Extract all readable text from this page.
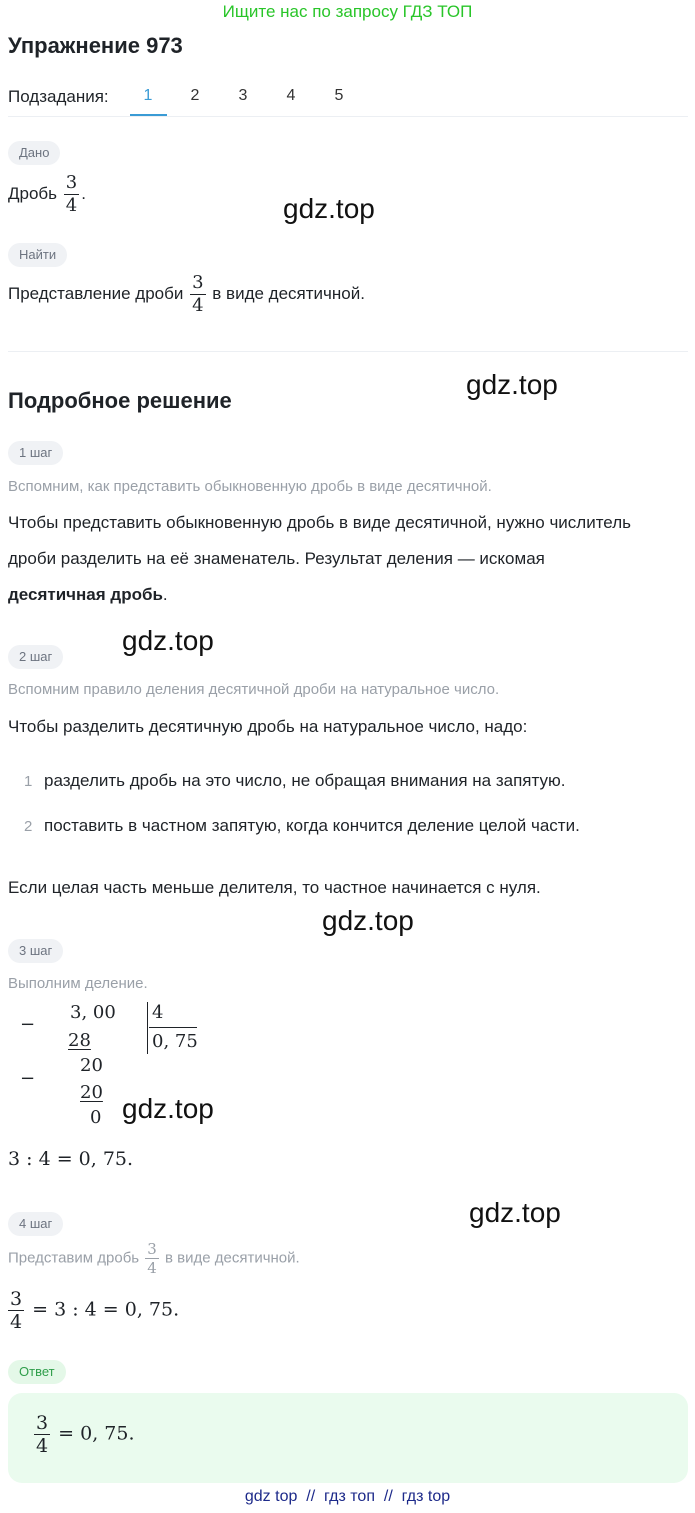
Ищите нас по запросу ГДЗ ТОП
Упражнение 973
Подзадания:	1	2	3	4	5
Дано
Дробь $\frac{3}{4}$ .	gdz.top
Найти
Представление дроби $\frac{3}{4}$ в виде десятичной.
Подробное решение
gdz.top
1 шаг
Вспомним, как представить обыкновенную дробь в виде десятичной.
Чтобы представить обыкновенную дробь в виде десятичной, нужно числитель
дроби разделить на её знаменатель. Результат деления — искомая
десятичная дробь.
gdz.top
2 шаг
Вспомним правило деления десятичной дроби на натуральное число.
Чтобы разделить десятичную дробь на натуральное число, надо:
1 разделить дробь на это число, не обращая внимания на запятую.
2 поставить в частном запятую, когда кончится деление целой части.
Если целая часть меньше делителя, то частное начинается с нуля.
gdz.top
3 шаг
Выполним деление.
−
3, 00
28
4
0, 75
−
20
20
0 gdz.top
3 : 4 = 0, 75.
gdz.top
4 шаг
Представим дробь $\frac{3}{4}$ в виде десятичной.
$\frac{3}{4} = 3$ : 4 = 0, 75.
Ответ
$\frac{3}{4} = 0$, 75.
gdz top  //  гдз топ  //  гдз top
